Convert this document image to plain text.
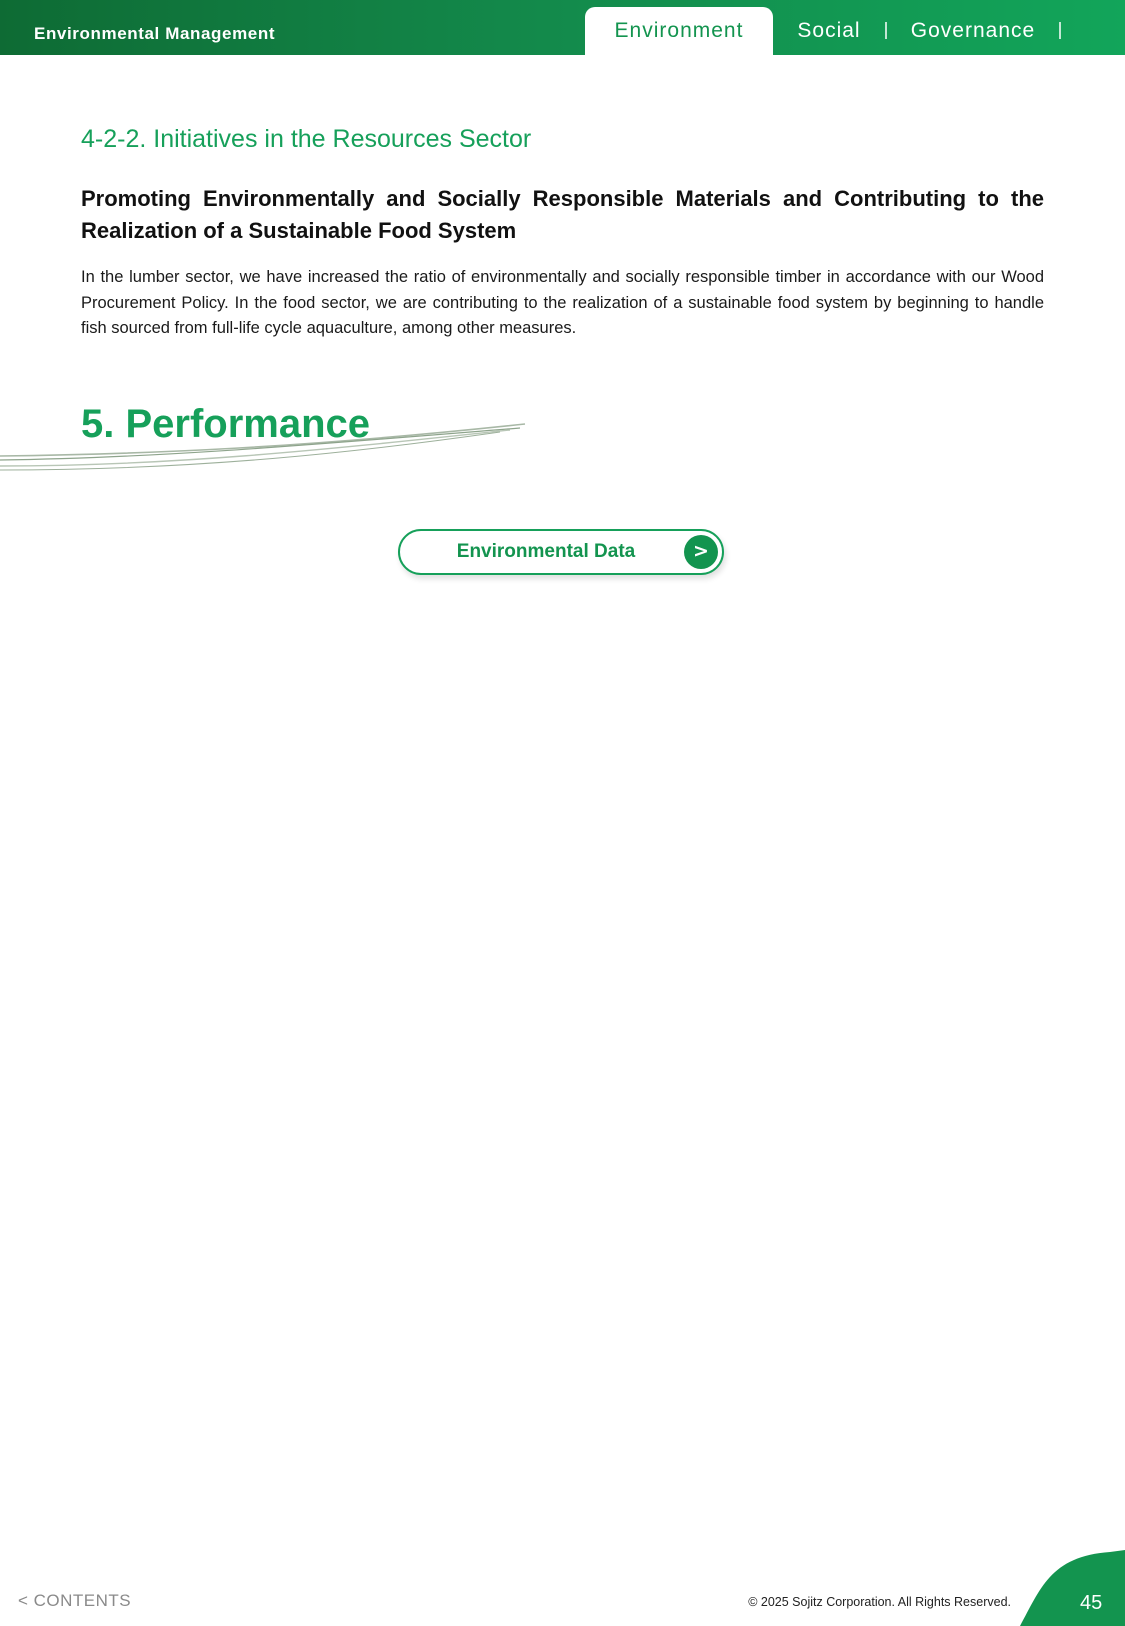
Environmental Management	Environment	Social	Governance
4-2-2. Initiatives in the Resources Sector
Promoting Environmentally and Socially Responsible Materials and Contributing to the Realization of a Sustainable Food System

In the lumber sector, we have increased the ratio of environmentally and socially responsible timber in accordance with our Wood Procurement Policy. In the food sector, we are contributing to the realization of a sustainable food system by beginning to handle fish sourced from full-life cycle aquaculture, among other measures.

5. Performance
Environmental Data	>
< CONTENTS	© 2025 Sojitz Corporation. All Rights Reserved.	45
